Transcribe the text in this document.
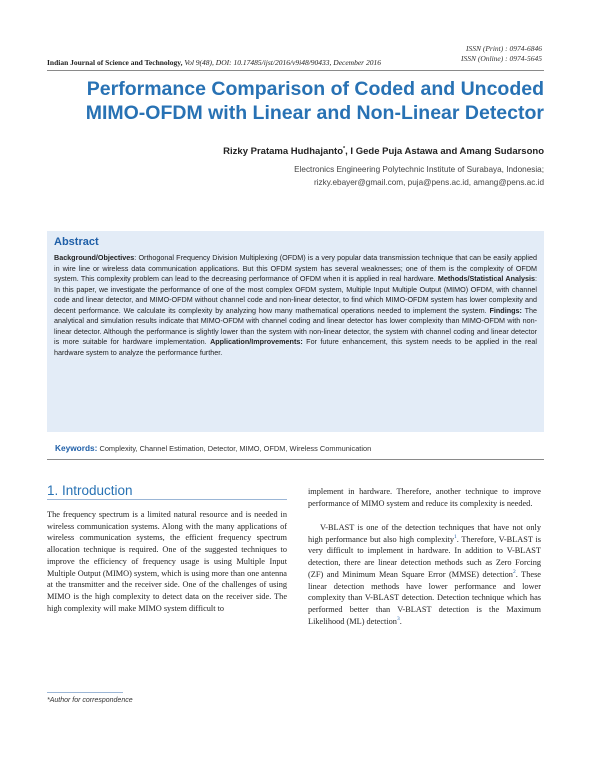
ISSN (Print) : 0974-6846
ISSN (Online) : 0974-5645
Indian Journal of Science and Technology, Vol 9(48), DOI: 10.17485/ijst/2016/v9i48/90433, December 2016
Performance Comparison of Coded and Uncoded
MIMO-OFDM with Linear and Non-Linear Detector
Rizky Pratama Hudhajanto*, I Gede Puja Astawa and Amang Sudarsono
Electronics Engineering Polytechnic Institute of Surabaya, Indonesia;
rizky.ebayer@gmail.com, puja@pens.ac.id, amang@pens.ac.id
Abstract

Background/Objectives: Orthogonal Frequency Division Multiplexing (OFDM) is a very popular data transmission technique that can be easily applied in wire line or wireless data communication applications. But this OFDM system has several weaknesses; one of them is the complexity of OFDM system. This complexity problem can lead to the decreasing performance of OFDM when it is applied in real hardware. Methods/Statistical Analysis: In this paper, we investigate the performance of one of the most complex OFDM system, Multiple Input Multiple Output (MIMO) OFDM, with channel code and linear detector, and MIMO-OFDM without channel code and non-linear detector, to find which MIMO-OFDM system has lower complexity and decent performance. We calculate its complexity by analyzing how many mathematical operations needed to implement the system. Findings: The analytical and simulation results indicate that MIMO-OFDM with channel coding and linear detector has lower complexity than MIMO-OFDM with non-linear detector. Although the performance is slightly lower than the system with non-linear detector, the system with channel coding and linear detector is more suitable for hardware implementation. Application/Improvements: For future enhancement, this system needs to be applied in the real hardware system to analyze the performance further.

Keywords: Complexity, Channel Estimation, Detector, MIMO, OFDM, Wireless Communication
1. Introduction

The frequency spectrum is a limited natural resource and is needed in wireless communication systems. Along with the many applications of wireless communication systems, the efficient frequency spectrum allocation technique is required. One of the suggested techniques to improve the efficiency of frequency usage is using Multiple Input Multiple Output (MIMO) system, which is using more than one antenna at the transmitter and the receiver side. One of the challenges of using MIMO is the high complexity to detect data on the receiver side. The high complexity will make MIMO system difficult to

implement in hardware. Therefore, another technique to improve performance of MIMO system and reduce its complexity is needed.

V-BLAST is one of the detection techniques that have not only high performance but also high complexity$^1$. Therefore, V-BLAST is very difficult to implement in hardware. In addition to V-BLAST detection, there are linear detection methods such as Zero Forcing (ZF) and Minimum Mean Square Error (MMSE) detection$^2$. These linear detection methods have lower performance and lower complexity than V-BLAST detection. Detection technique which has performed better than V-BLAST detection is the Maximum Likelihood (ML) detection$^3$.

*Author for correspondence
